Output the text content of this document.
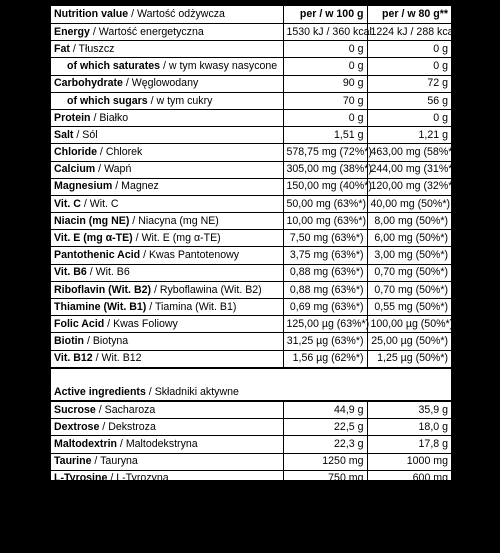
Nutrition value / Wartość odżywcza	per / w 100 g	per / w 80 g**
Energy / Wartość energetyczna	1530 kJ / 360 kcal	1224 kJ / 288 kcal
Fat / Tłuszcz	0 g	0 g
of which saturates / w tym kwasy nasycone	0 g	0 g
Carbohydrate / Węglowodany	90 g	72 g
of which sugars / w tym cukry	70 g	56 g
Protein / Białko	0 g	0 g
Salt / Sól	1,51 g	1,21 g
Chloride / Chlorek	578,75 mg (72%*)	463,00 mg (58%*)
Calcium / Wapń	305,00 mg (38%*)	244,00 mg (31%*)
Magnesium / Magnez	150,00 mg (40%*)	120,00 mg (32%*)
Vit. C / Wit. C	50,00 mg (63%*)	40,00 mg (50%*)
Niacin (mg NE) / Niacyna (mg NE)	10,00 mg (63%*)	8,00 mg (50%*)
Vit. E (mg α-TE) / Wit. E (mg α-TE)	7,50 mg (63%*)	6,00 mg (50%*)
Pantothenic Acid / Kwas Pantotenowy	3,75 mg (63%*)	3,00 mg (50%*)
Vit. B6 / Wit. B6	0,88 mg (63%*)	0,70 mg (50%*)
Riboflavin (Wit. B2) / Ryboflawina (Wit. B2)	0,88 mg (63%*)	0,70 mg (50%*)
Thiamine (Wit. B1) / Tiamina (Wit. B1)	0,69 mg (63%*)	0,55 mg (50%*)
Folic Acid / Kwas Foliowy	125,00 µg (63%*)	100,00 µg (50%*)
Biotin / Biotyna	31,25 µg (63%*)	25,00 µg (50%*)
Vit. B12 / Wit. B12	1,56 µg (62%*)	1,25 µg (50%*)

Active ingredients / Składniki aktywne		
Sucrose / Sacharoza	44,9 g	35,9 g
Dextrose / Dekstroza	22,5 g	18,0 g
Maltodextrin / Maltodekstryna	22,3 g	17,8 g
Taurine / Tauryna	1250 mg	1000 mg
L-Tyrosine / L-Tyrozyna	750 mg	600 mg
Sodium / Sód	605 mg	484 mg
L-Carnitine / L-Karnityna	510 mg	408 mg
*Reference intakes / Referencyjna wartość spożycia		
**Daily portion of the product / Dzienna porcja produktu		
